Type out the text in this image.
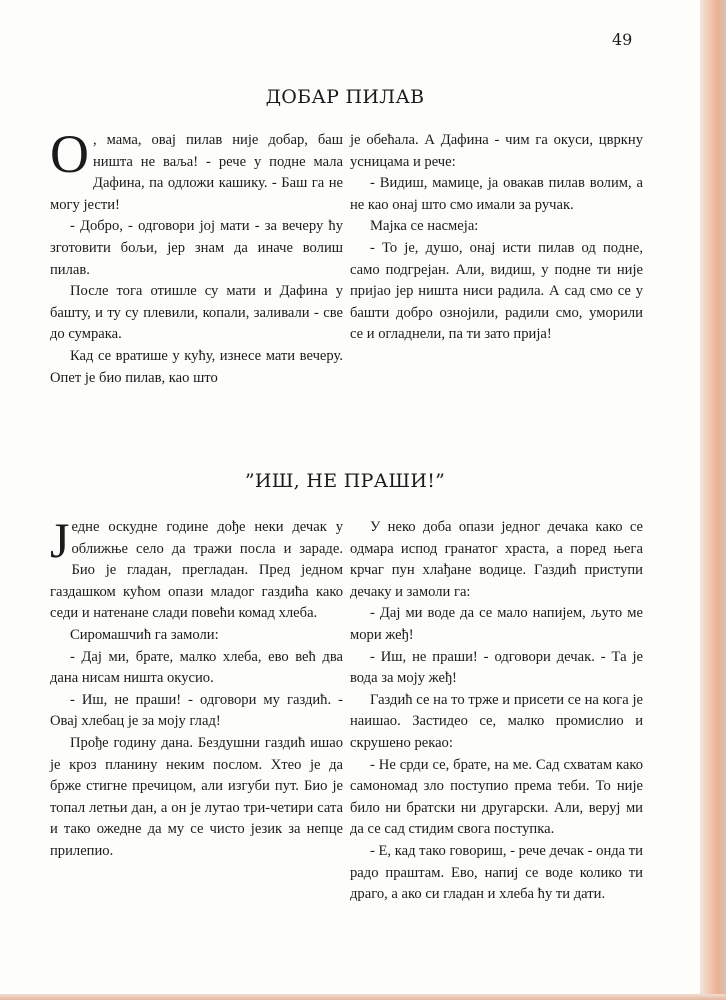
49
ДОБАР ПИЛАВ

О , мама, овај пилав није добар, баш ништа не ваља! - рече у подне мала Дафина, па одложи кашику. - Баш га не могу јести!

- Добро, - одговори јој мати - за вечеру ћу зготовити бољи, јер знам да иначе волиш пилав.

После тога отишле су мати и Дафина у башту, и ту су плевили, копали, заливали - све до сумрака.

Кад се вратише у кућу, изнесе мати вечеру. Опет је био пилав, као што

је обећала. А Дафина - чим га окуси, цвркну усницама и рече:

- Видиш, мамице, ја овакав пилав волим, а не као онај што смо имали за ручак.

Мајка се насмеја:

- То је, душо, онај исти пилав од подне, само подгрејан. Али, видиш, у подне ти није пријао јер ништа ниси радила. А сад смо се у башти добро ознојили, радили смо, уморили се и огладнели, па ти зато прија!

”ИШ, НЕ ПРАШИ!”

Jедне оскудне године дође неки дечак у оближње село да тражи посла и зараде. Био је гладан, прегладан. Пред једном газдашком кућом опази младог газдића како седи и натенане слади повећи комад хлеба.

Сиромашчић га замоли:

- Дај ми, брате, малко хлеба, ево већ два дана нисам ништа окусио.

- Иш, не праши! - одговори му газдић. - Овај хлебац је за моју глад!

Прође годину дана. Бездушни газдић ишао је кроз планину неким послом. Хтео је да брже стигне пречицом, али изгуби пут. Био је топал летњи дан, а он је лутао три-четири сата и тако ожедне да му се чисто језик за непце прилепио.

У неко доба опази једног дечака како се одмара испод гранатог храста, а поред њега крчаг пун хлађане водице. Газдић приступи дечаку и замоли га:

- Дај ми воде да се мало напијем, љуто ме мори жеђ!

- Иш, не праши! - одговори дечак. - Та је вода за моју жеђ!

Газдић се на то трже и присети се на кога је наишао. Застидео се, малко промислио и скрушено рекао:

- Не срди се, брате, на ме. Сад схватам како самономад зло поступио према теби. То није било ни братски ни другарски. Али, веруј ми да се сад стидим свога поступка.

- Е, кад тако говориш, - рече дечак - онда ти радо праштам. Ево, напиј се воде колико ти драго, а ако си гладан и хлеба ћу ти дати.
